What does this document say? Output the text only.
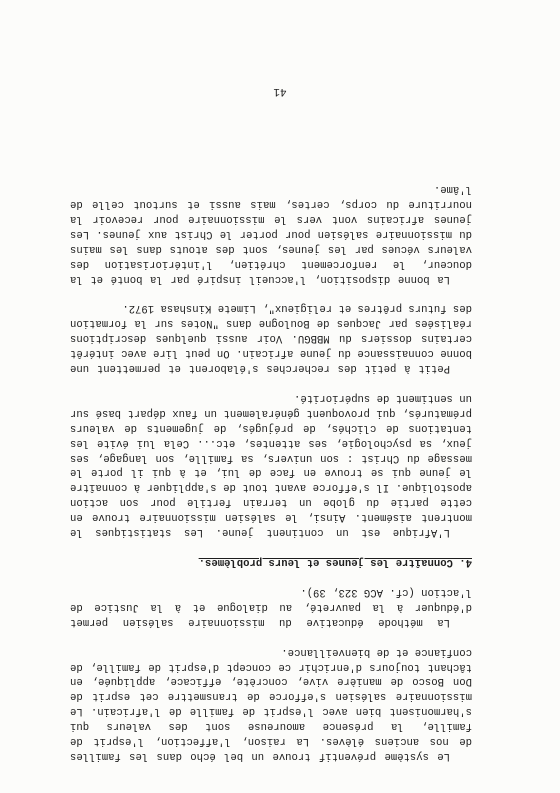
Le système préventif trouve un bel écho dans les familles de nos anciens élèves. La raison, l'affection, l'esprit de famille, la présence amoureuse sont des valeurs qui s'harmonisent bien avec l'esprit de famille de l'africain. Le missionnaire salésien s'efforce de transmettre cet esprit de Don Bosco de manière vive, concrète, efficace, appliquée, en tâchant toujours d'enrichir ce concept d'esprit de famille, de confiance et de bienveillance.

La méthode éducative du missionnaire salésien permet d'éduquer à la pauvreté, au dialogue et à la Justice de l'action (cf. ACG 323, 39).

4. Connaître les jeunes et leurs problèmes.

L'Afrique est un continent jeune. Les statistiques le montrent aisément. Ainsi, le salésien missionnaire trouve en cette partie du globe un terrain fertile pour son action apostolique. Il s'efforce avant tout de s'appliquer à connaître le jeune qui se trouve en face de lui, et à qui il porte le message du Christ : son univers, sa famille, son langage, ses jeux, sa psychologie, ses attentes, etc... Cela lui évite les tentations de clichés, de préjugés, de jugements de valeurs prématurés, qui provoquent généralement un faux départ basé sur un sentiment de supériorité.

Petit à petit des recherches s'élaborent et permettent une bonne connaissance du jeune africain. On peut lire avec intérêt certains dossiers du MBBGU. Voir aussi quelques descriptions réalisées par Jacques de Boulogne dans "Notes sur la formation des futurs prêtres et religieux", Limete Kinshasa 1972.

La bonne disposition, l'accueil inspiré par la bonté et la douceur, le renforcement chrétien, l'intériorisation des valeurs vécues par les jeunes, sont des atouts dans les mains du missionnaire salésien pour porter le Christ aux jeunes. Les jeunes africains vont vers le missionnaire pour recevoir la nourriture du corps, certes, mais aussi et surtout celle de l'âme.

41
